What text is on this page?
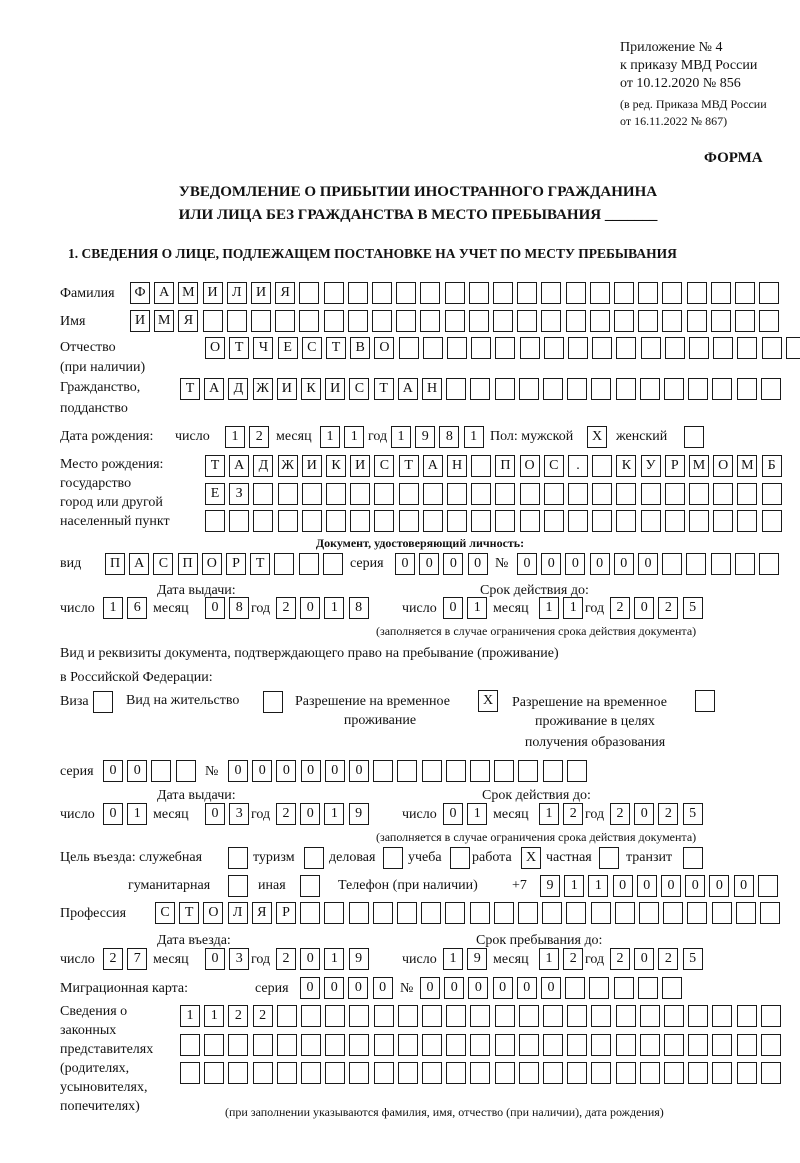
Приложение № 4
к приказу МВД России
от 10.12.2020 № 856
(в ред. Приказа МВД России
от 16.11.2022 № 867)
ФОРМА
УВЕДОМЛЕНИЕ О ПРИБЫТИИ ИНОСТРАННОГО ГРАЖДАНИНА
ИЛИ ЛИЦА БЕЗ ГРАЖДАНСТВА В МЕСТО ПРЕБЫВАНИЯ _______
1. СВЕДЕНИЯ О ЛИЦЕ, ПОДЛЕЖАЩЕМ ПОСТАНОВКЕ НА УЧЕТ ПО МЕСТУ ПРЕБЫВАНИЯ
Фамилия	Ф А М И	Л	И	Я
Имя	И М Я
Отчество
(при наличии)
О	Т	Ч	Е	С	Т	В	О
Гражданство,
подданство
Т	А	Д Ж И	К	И	С	Т	А	Н
Дата рождения: число	1	2 месяц	1	1 год 1	9	8	1 Пол: мужской	X женский
Место рождения:
государство
город или другой
населенный пункт
Т	А	Д Ж И	К	И	С	Т	А	Н	П	О	С	.	К	У	Р	М О М Б
Е	З
Документ, удостоверяющий личность:
вид	П	А	С	П	О	Р	Т	серия	0	0	0	0 №	0	0	0	0	0	0
Дата выдачи:	Срок действия до:
число	1	6 месяц	0	8 год 2	0	1	8	число 0	1 месяц	1	1 год 2	0	2	5
(заполняется в случае ограничения срока действия документа)
Вид и реквизиты документа, подтверждающего право на пребывание (проживание)
в Российской Федерации:
Виза	Вид на жительство	Разрешение на временное
проживание
X	Разрешение на временное
проживание в целях
получения образования
серия	0	0	№	0	0	0	0	0	0
Дата выдачи:	Срок действия до:
число	0	1 месяц	0	3 год 2	0	1	9	число 0	1 месяц	1	2 год 2	0	2	5
(заполняется в случае ограничения срока действия документа)
Цель въезда: служебная	туризм деловая учеба работа	X частная транзит
гуманитарная	иная	Телефон (при наличии) +7	9	1	1	0	0	0	0	0	0
Профессия	С	Т	О	Л	Я	Р
Дата въезда:	Срок пребывания до:
число	2	7 месяц	0	3 год 2	0	1	9	число 1	9 месяц	1	2 год 2	0	2	5
Миграционная карта:	серия	0	0	0	0 № 0	0	0	0	0	0
Сведения о
законных
представителях
(родителях,
усыновителях,
попечителях)
1	1	2	2
(при заполнении указываются фамилия, имя, отчество (при наличии), дата рождения)
